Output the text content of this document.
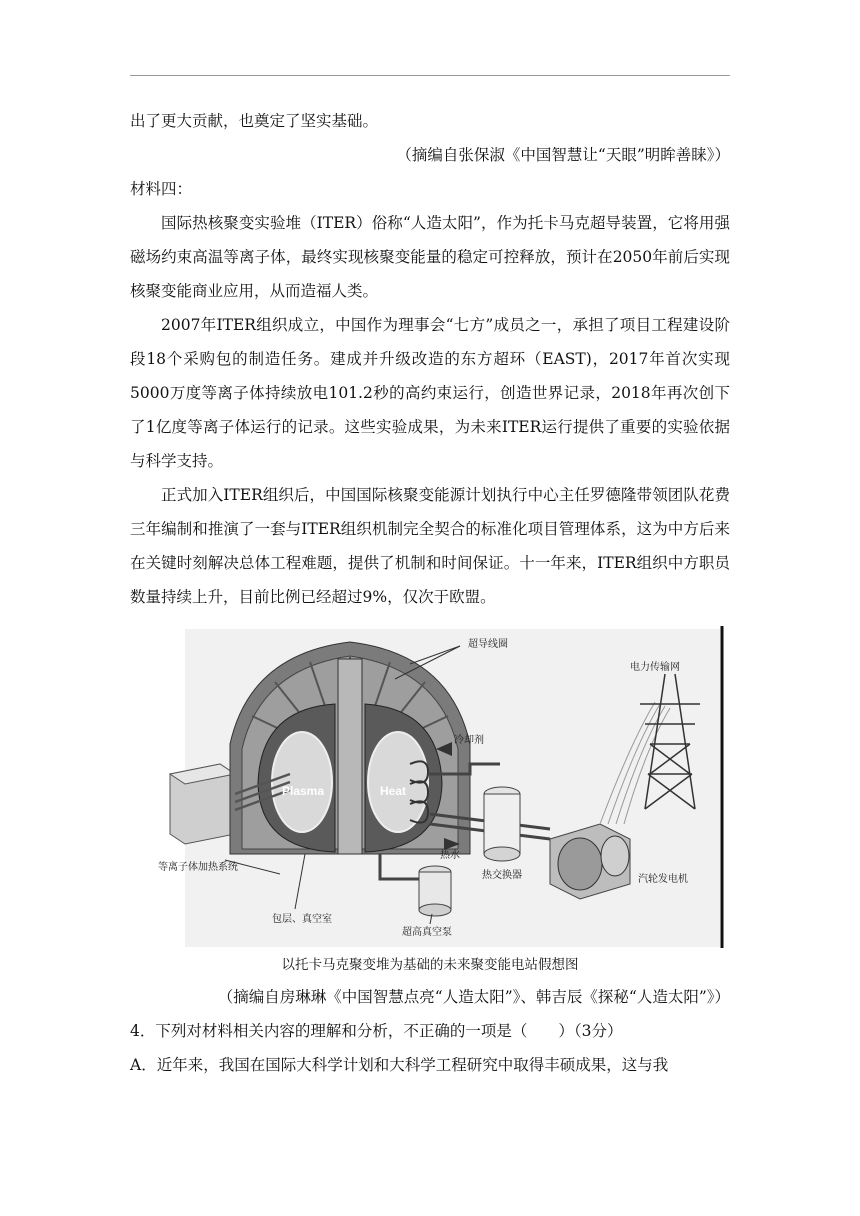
出了更大贡献，也奠定了坚实基础。

（摘编自张保淑《中国智慧让“天眼”明眸善睐》）

材料四：

国际热核聚变实验堆（ITER）俗称“人造太阳”，作为托卡马克超导装置，它将用强磁场约束高温等离子体，最终实现核聚变能量的稳定可控释放，预计在2050年前后实现核聚变能商业应用，从而造福人类。

2007年ITER组织成立，中国作为理事会“七方”成员之一，承担了项目工程建设阶段18个采购包的制造任务。建成并升级改造的东方超环（EAST)，2017年首次实现5000万度等离子体持续放电101.2秒的高约束运行，创造世界记录，2018年再次创下了1亿度等离子体运行的记录。这些实验成果，为未来ITER运行提供了重要的实验依据与科学支持。

正式加入ITER组织后，中国国际核聚变能源计划执行中心主任罗德隆带领团队花费三年编制和推演了一套与ITER组织机制完全契合的标准化项目管理体系，这为中方后来在关键时刻解决总体工程难题，提供了机制和时间保证。十一年来，ITER组织中方职员数量持续上升，目前比例已经超过9%，仅次于欧盟。

超导线圈
电力传输网
冷却剂
Plasma	Heat
等离子体加热系统
热水
热交换器	汽轮发电机
包层、真空室
超高真空泵

以托卡马克聚变堆为基础的未来聚变能电站假想图

（摘编自房琳琳《中国智慧点亮“人造太阳”》、韩吉辰《探秘“人造太阳”》）

4．下列对材料相关内容的理解和分析，不正确的一项是（　　）（3分）

A．近年来，我国在国际大科学计划和大科学工程研究中取得丰硕成果，这与我
